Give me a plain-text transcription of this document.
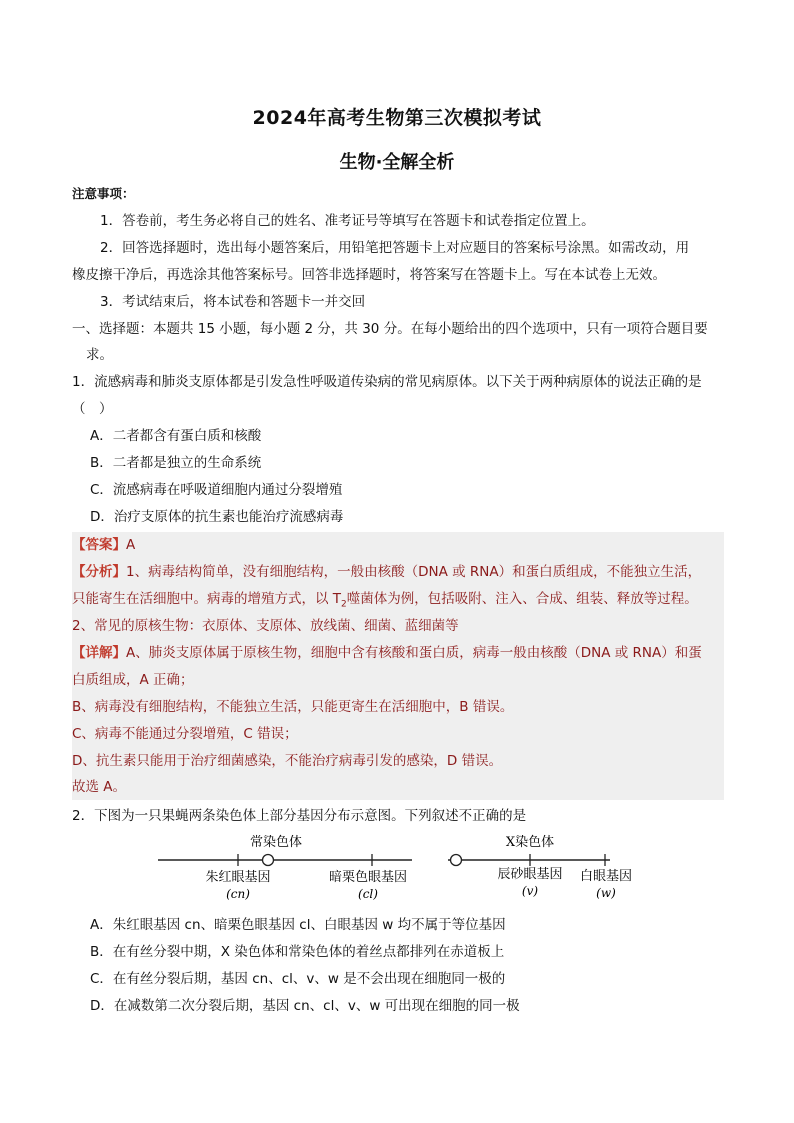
2024年高考生物第三次模拟考试
生物·全解全析
注意事项：
1．答卷前，考生务必将自己的姓名、准考证号等填写在答题卡和试卷指定位置上。
2．回答选择题时，选出每小题答案后，用铅笔把答题卡上对应题目的答案标号涂黑。如需改动，用
橡皮擦干净后，再选涂其他答案标号。回答非选择题时，将答案写在答题卡上。写在本试卷上无效。
3．考试结束后，将本试卷和答题卡一并交回
一、选择题：本题共 15 小题，每小题 2 分，共 30 分。在每小题给出的四个选项中，只有一项符合题目要
求。
1．流感病毒和肺炎支原体都是引发急性呼吸道传染病的常见病原体。以下关于两种病原体的说法正确的是
（　）
A．二者都含有蛋白质和核酸
B．二者都是独立的生命系统
C．流感病毒在呼吸道细胞内通过分裂增殖
D．治疗支原体的抗生素也能治疗流感病毒
【答案】A
【分析】1、病毒结构简单，没有细胞结构，一般由核酸（DNA 或 RNA）和蛋白质组成，不能独立生活，
只能寄生在活细胞中。病毒的增殖方式，以 $T_2$噬菌体为例，包括吸附、注入、合成、组装、释放等过程。
2、常见的原核生物：衣原体、支原体、放线菌、细菌、蓝细菌等
【详解】A、肺炎支原体属于原核生物，细胞中含有核酸和蛋白质，病毒一般由核酸（DNA 或 RNA）和蛋
白质组成，A 正确；
B、病毒没有细胞结构，不能独立生活，只能更寄生在活细胞中，B 错误。
C、病毒不能通过分裂增殖，C 错误；
D、抗生素只能用于治疗细菌感染，不能治疗病毒引发的感染，D 错误。
故选 A。
2．下图为一只果蝇两条染色体上部分基因分布示意图。下列叙述不正确的是
常染色体
朱红眼基因
(cn)
暗栗色眼基因
(cl)
X染色体
辰砂眼基因
(v)
白眼基因
(w)
A．朱红眼基因 cn、暗栗色眼基因 cl、白眼基因 w 均不属于等位基因
B．在有丝分裂中期，X 染色体和常染色体的着丝点都排列在赤道板上
C．在有丝分裂后期，基因 cn、cl、v、w 是不会出现在细胞同一极的
D．在减数第二次分裂后期，基因 cn、cl、v、w 可出现在细胞的同一极
